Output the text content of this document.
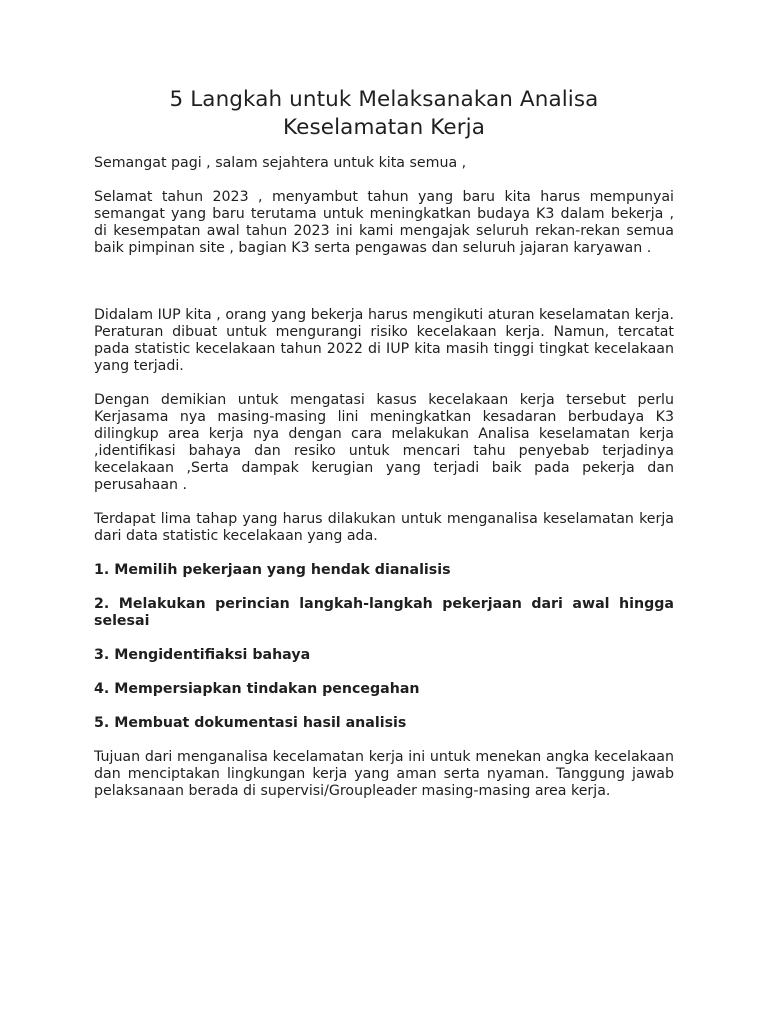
5 Langkah untuk Melaksanakan Analisa
Keselamatan Kerja

Semangat pagi , salam sejahtera untuk kita semua ,

Selamat tahun 2023 , menyambut tahun yang baru kita harus mempunyai semangat yang baru terutama untuk meningkatkan budaya K3 dalam bekerja , di kesempatan awal tahun 2023 ini kami mengajak seluruh rekan-rekan semua baik pimpinan site , bagian K3 serta pengawas dan seluruh jajaran karyawan .

Didalam IUP kita , orang yang bekerja harus mengikuti aturan keselamatan kerja. Peraturan dibuat untuk mengurangi risiko kecelakaan kerja. Namun, tercatat pada statistic kecelakaan tahun 2022 di IUP kita masih tinggi tingkat kecelakaan yang terjadi.

Dengan demikian untuk mengatasi kasus kecelakaan kerja tersebut perlu Kerjasama nya masing-masing lini meningkatkan kesadaran berbudaya K3 dilingkup area kerja nya dengan cara melakukan Analisa keselamatan kerja ,identifikasi bahaya dan resiko untuk mencari tahu penyebab terjadinya kecelakaan ,Serta dampak kerugian yang terjadi baik pada pekerja dan perusahaan .

Terdapat lima tahap yang harus dilakukan untuk menganalisa keselamatan kerja dari data statistic kecelakaan yang ada.

1. Memilih pekerjaan yang hendak dianalisis

2. Melakukan perincian langkah-langkah pekerjaan dari awal hingga selesai

3. Mengidentifiaksi bahaya

4. Mempersiapkan tindakan pencegahan

5. Membuat dokumentasi hasil analisis

Tujuan dari menganalisa kecelamatan kerja ini untuk menekan angka kecelakaan dan menciptakan lingkungan kerja yang aman serta nyaman. Tanggung jawab pelaksanaan berada di supervisi/Groupleader masing-masing area kerja.
